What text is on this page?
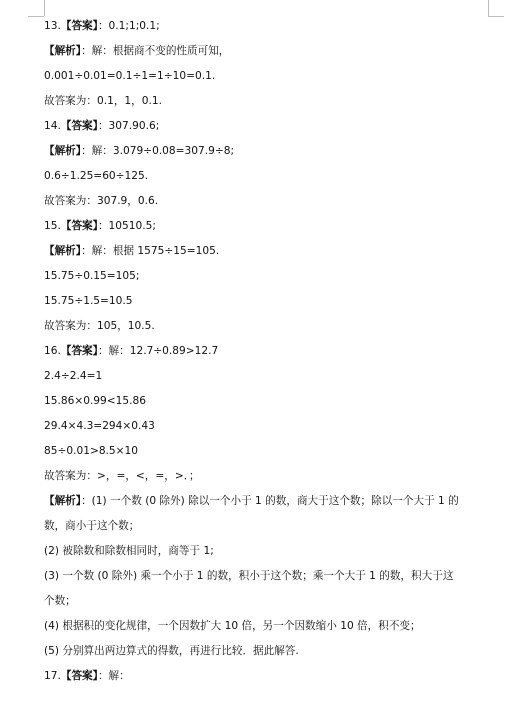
13.【答案】：0.1;1;0.1;
【解析】：解：根据商不变的性质可知，
0.001÷0.01=0.1÷1=1÷10=0.1.
故答案为：0.1，1，0.1.
14.【答案】：307.90.6;
【解析】：解：3.079÷0.08=307.9÷8;
0.6÷1.25=60÷125.
故答案为：307.9，0.6.
15.【答案】：10510.5;
【解析】：解：根据 1575÷15=105.
15.75÷0.15=105;
15.75÷1.5=10.5
故答案为：105，10.5.
16.【答案】：解：12.7÷0.89>12.7
2.4÷2.4=1
15.86×0.99<15.86
29.4×4.3=294×0.43
85÷0.01>8.5×10
故答案为：>，=，<，=，>．；
【解析】：(1) 一个数 (0 除外) 除以一个小于 1 的数，商大于这个数；除以一个大于 1 的
数，商小于这个数；
(2) 被除数和除数相同时，商等于 1;
(3) 一个数 (0 除外) 乘一个小于 1 的数，积小于这个数；乘一个大于 1 的数，积大于这
个数；
(4) 根据积的变化规律，一个因数扩大 10 倍，另一个因数缩小 10 倍，积不变；
(5) 分别算出两边算式的得数，再进行比较．据此解答.
17.【答案】：解：
